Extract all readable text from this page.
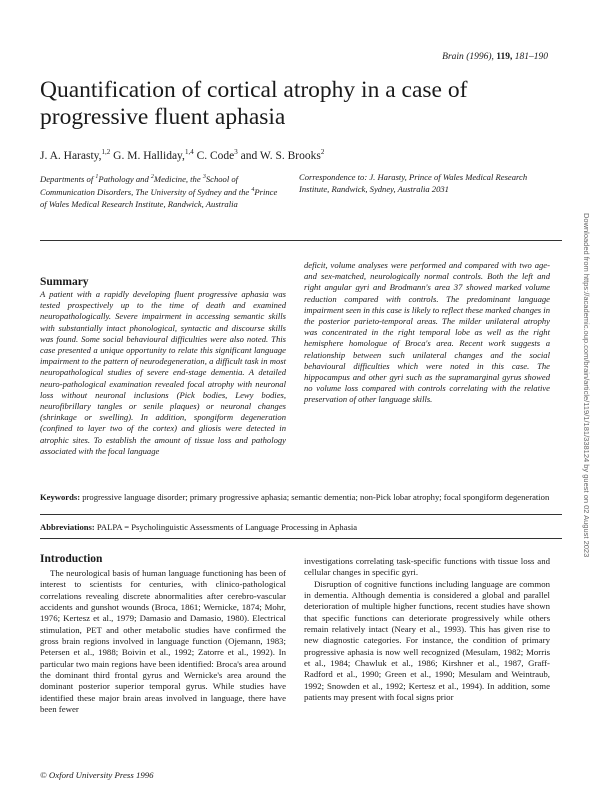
Brain (1996), 119, 181–190
Quantification of cortical atrophy in a case of progressive fluent aphasia
J. A. Harasty,$^{1,2}$ G. M. Halliday,$^{1,4}$ C. Code$^3$ and W. S. Brooks$^2$
Departments of $^1$Pathology and $^2$Medicine, the $^3$School of Communication Disorders, The University of Sydney and the $^4$Prince of Wales Medical Research Institute, Randwick, Australia
Correspondence to: J. Harasty, Prince of Wales Medical Research Institute, Randwick, Sydney, Australia 2031
Summary
A patient with a rapidly developing fluent progressive aphasia was tested prospectively up to the time of death and examined neuropathologically. Severe impairment in accessing semantic skills with substantially intact phonological, syntactic and discourse skills was found. Some social behavioural difficulties were also noted. This case presented a unique opportunity to relate this significant language impairment to the pattern of neurodegeneration, a difficult task in most neuropathological studies of severe end-stage dementia. A detailed neuro-pathological examination revealed focal atrophy with neuronal loss without neuronal inclusions (Pick bodies, Lewy bodies, neurofibrillary tangles or senile plaques) or neuronal changes (shrinkage or swelling). In addition, spongiform degeneration (confined to layer two of the cortex) and gliosis were detected in atrophic sites. To establish the amount of tissue loss and pathology associated with the focal language
deficit, volume analyses were performed and compared with two age- and sex-matched, neurologically normal controls. Both the left and right angular gyri and Brodmann's area 37 showed marked volume reduction compared with controls. The predominant language impairment seen in this case is likely to reflect these marked changes in the posterior parieto-temporal areas. The milder unilateral atrophy was concentrated in the right temporal lobe as well as the right hemisphere homologue of Broca's area. Recent work suggests a relationship between such unilateral changes and the social behavioural difficulties which were noted in this case. The hippocampus and other gyri such as the supramarginal gyrus showed no volume loss compared with controls correlating with the relative preservation of other language skills.
Keywords: progressive language disorder; primary progressive aphasia; semantic dementia; non-Pick lobar atrophy; focal spongiform degeneration
Abbreviations: PALPA = Psycholinguistic Assessments of Language Processing in Aphasia
Introduction
The neurological basis of human language functioning has been of interest to scientists for centuries, with clinico-pathological correlations revealing discrete abnormalities after cerebro-vascular accidents and gunshot wounds (Broca, 1861; Wernicke, 1874; Mohr, 1976; Kertesz et al., 1979; Damasio and Damasio, 1980). Electrical stimulation, PET and other metabolic studies have confirmed the gross brain regions involved in language function (Ojemann, 1983; Petersen et al., 1988; Boivin et al., 1992; Zatorre et al., 1992). In particular two main regions have been identified: Broca's area around the dominant third frontal gyrus and Wernicke's area around the dominant posterior superior temporal gyrus. While studies have identified these major brain areas involved in language, there have been fewer
investigations correlating task-specific functions with tissue loss and cellular changes in specific gyri.
Disruption of cognitive functions including language are common in dementia. Although dementia is considered a global and parallel deterioration of multiple higher functions, recent studies have shown that specific functions can deteriorate progressively while others remain relatively intact (Neary et al., 1993). This has given rise to new diagnostic categories. For instance, the condition of primary progressive aphasia is now well recognized (Mesulam, 1982; Morris et al., 1984; Chawluk et al., 1986; Kirshner et al., 1987, Graff-Radford et al., 1990; Green et al., 1990; Mesulam and Weintraub, 1992; Snowden et al., 1992; Kertesz et al., 1994). In addition, some patients may present with focal signs prior
© Oxford University Press 1996
Downloaded from https://academic.oup.com/brain/article/119/1/181/338124 by guest on 02 August 2023
